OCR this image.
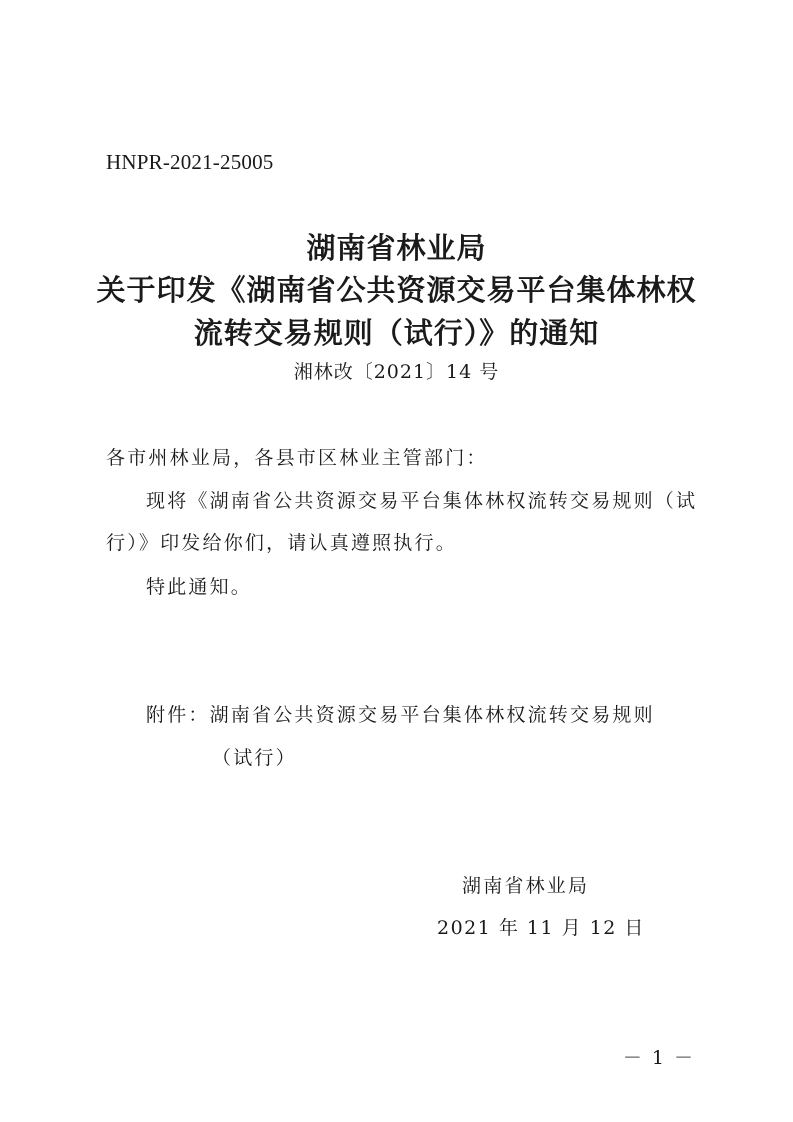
HNPR-2021-25005
湖南省林业局
关于印发《湖南省公共资源交易平台集体林权
流转交易规则（试行）》的通知
湘林改〔2021〕14 号
各市州林业局，各县市区林业主管部门：
现将《湖南省公共资源交易平台集体林权流转交易规则（试
行）》印发给你们，请认真遵照执行。
特此通知。
附件：湖南省公共资源交易平台集体林权流转交易规则
（试行）
湖南省林业局
2021 年 11 月 12 日
－ 1 －
